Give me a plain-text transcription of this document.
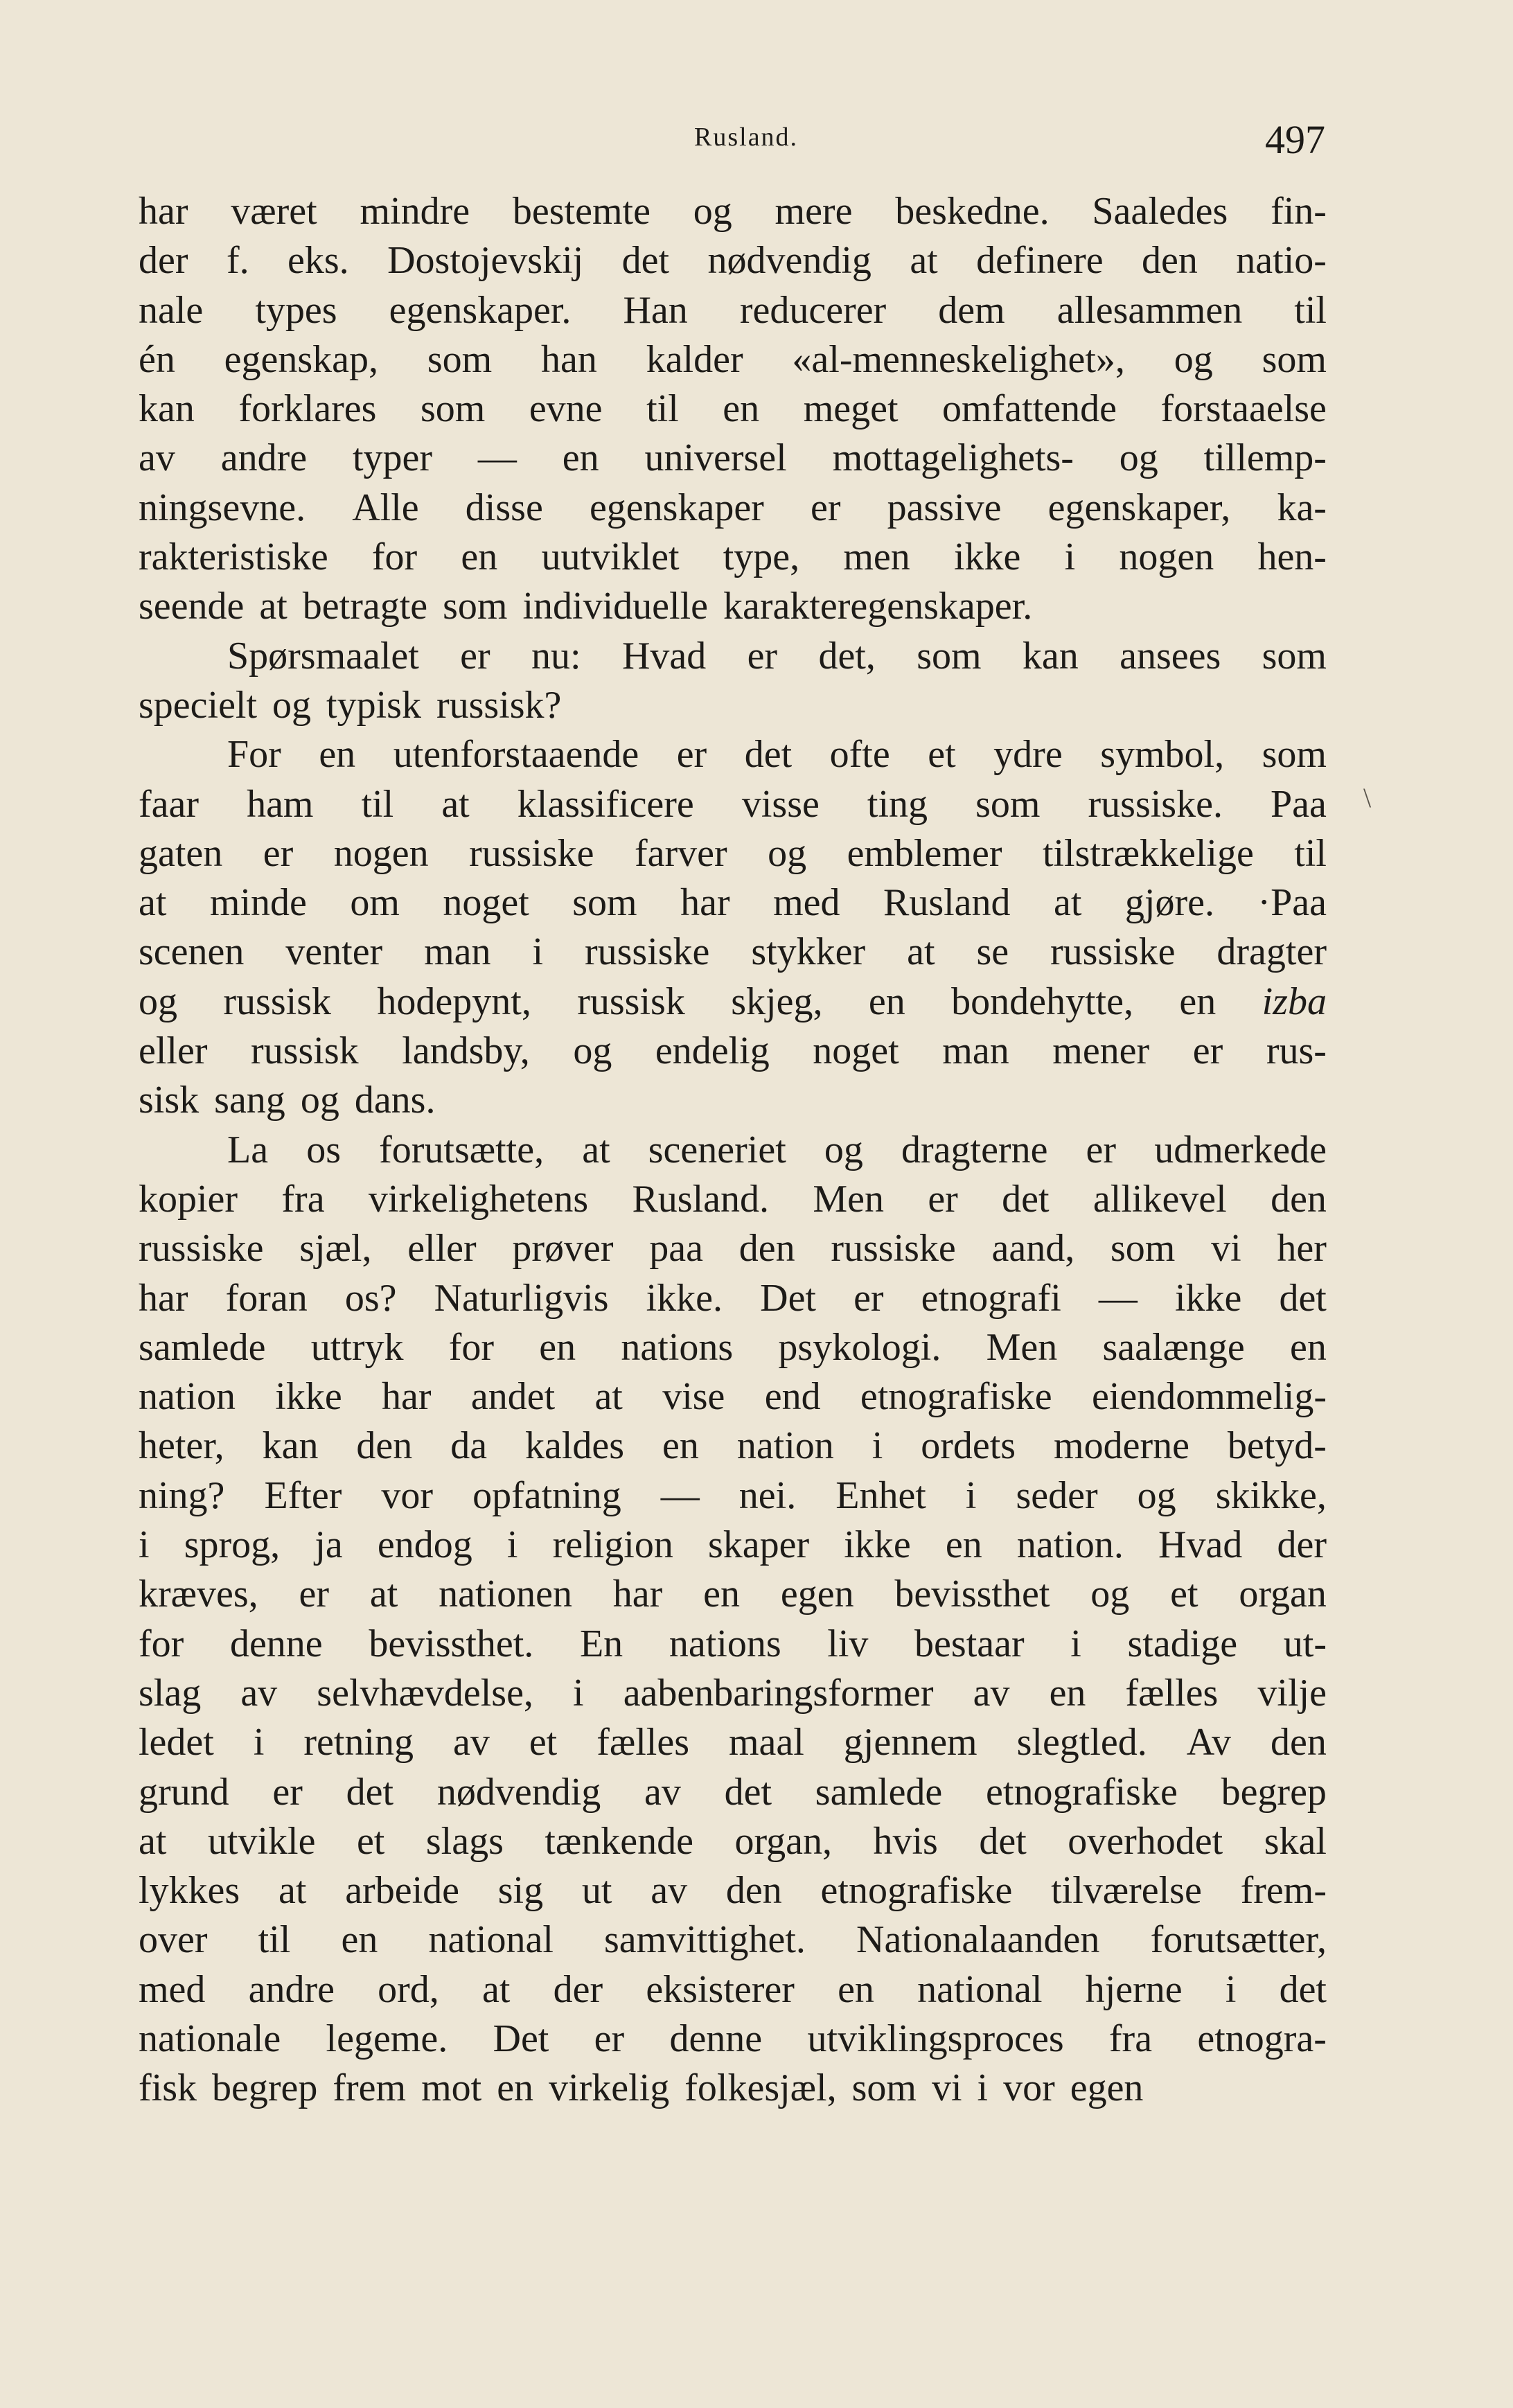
Rusland.	497
har været mindre bestemte og mere beskedne. Saaledes fin-
der f. eks. Dostojevskij det nødvendig at definere den natio-
nale types egenskaper. Han reducerer dem allesammen til
én egenskap, som han kalder «al-menneskelighet», og som
kan forklares som evne til en meget omfattende forstaaelse
av andre typer — en universel mottagelighets- og tillemp-
ningsevne. Alle disse egenskaper er passive egenskaper, ka-
rakteristiske for en uutviklet type, men ikke i nogen hen-
seende at betragte som individuelle karakteregenskaper.
Spørsmaalet er nu: Hvad er det, som kan ansees som
specielt og typisk russisk?
For en utenforstaaende er det ofte et ydre symbol, som
faar ham til at klassificere visse ting som russiske. Paa
gaten er nogen russiske farver og emblemer tilstrækkelige til
at minde om noget som har med Rusland at gjøre. ·Paa
scenen venter man i russiske stykker at se russiske dragter
og russisk hodepynt, russisk skjeg, en bondehytte, en izba
eller russisk landsby, og endelig noget man mener er rus-
sisk sang og dans.
La os forutsætte, at sceneriet og dragterne er udmerkede
kopier fra virkelighetens Rusland. Men er det allikevel den
russiske sjæl, eller prøver paa den russiske aand, som vi her
har foran os? Naturligvis ikke. Det er etnografi — ikke det
samlede uttryk for en nations psykologi. Men saalænge en
nation ikke har andet at vise end etnografiske eiendommelig-
heter, kan den da kaldes en nation i ordets moderne betyd-
ning? Efter vor opfatning — nei. Enhet i seder og skikke,
i sprog, ja endog i religion skaper ikke en nation. Hvad der
kræves, er at nationen har en egen bevissthet og et organ
for denne bevissthet. En nations liv bestaar i stadige ut-
slag av selvhævdelse, i aabenbaringsformer av en fælles vilje
ledet i retning av et fælles maal gjennem slegtled. Av den
grund er det nødvendig av det samlede etnografiske begrep
at utvikle et slags tænkende organ, hvis det overhodet skal
lykkes at arbeide sig ut av den etnografiske tilværelse frem-
over til en national samvittighet. Nationalaanden forutsætter,
med andre ord, at der eksisterer en national hjerne i det
nationale legeme. Det er denne utviklingsproces fra etnogra-
fisk begrep frem mot en virkelig folkesjæl, som vi i vor egen
\
